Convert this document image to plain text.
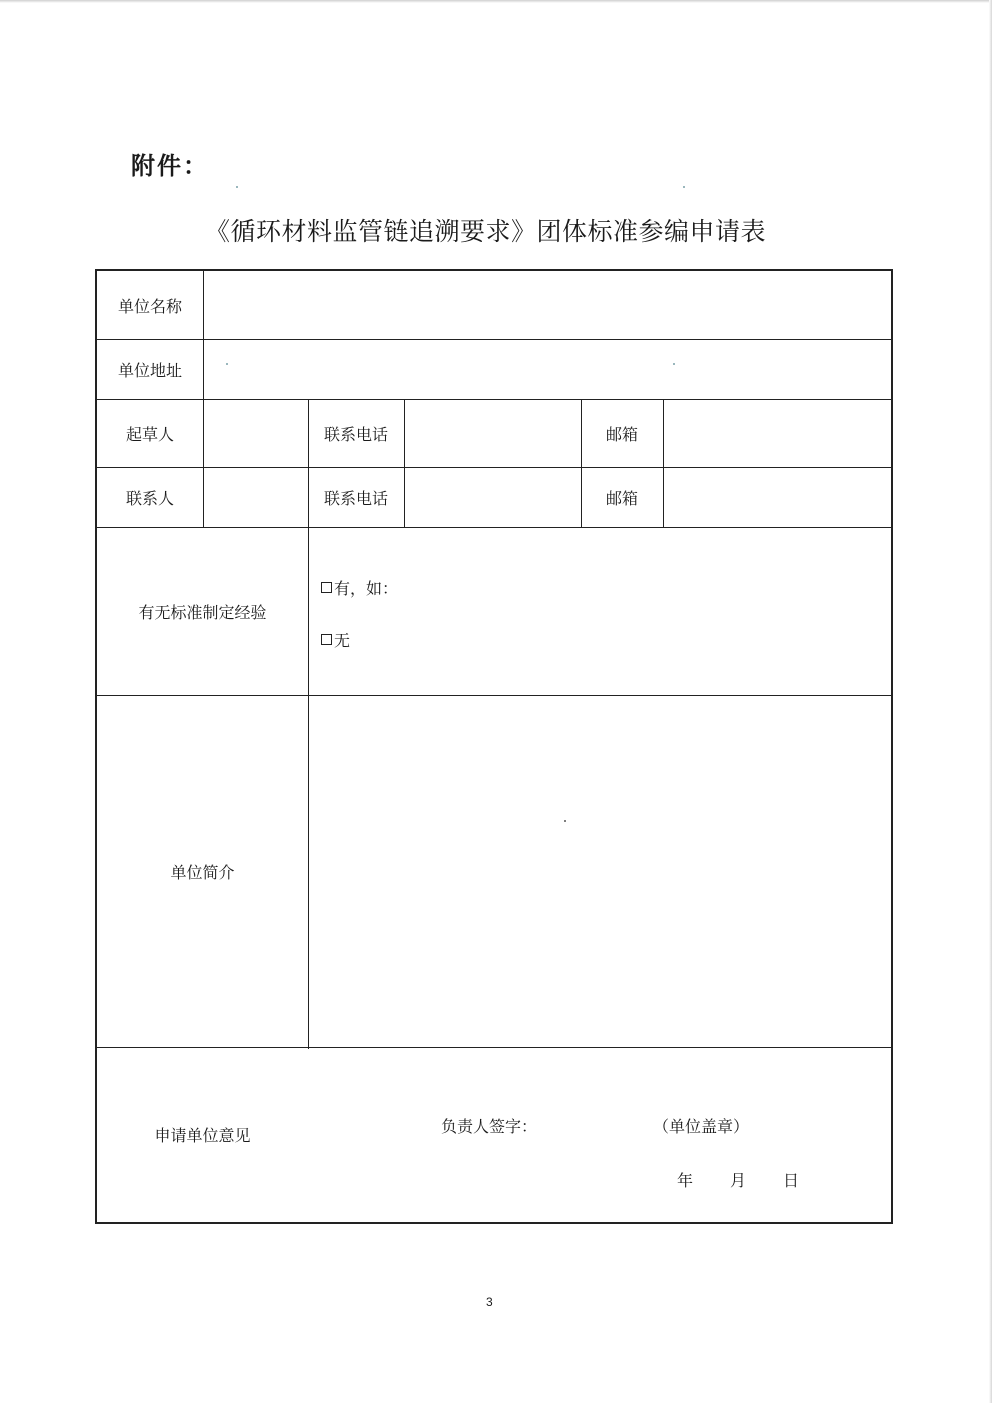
附件：
《循环材料监管链追溯要求》团体标准参编申请表
单位名称
单位地址
起草人	联系电话	邮箱
联系人	联系电话	邮箱
有无标准制定经验
有，如：
无
单位简介
申请单位意见	负责人签字：	（单位盖章）
年 月 日
3
